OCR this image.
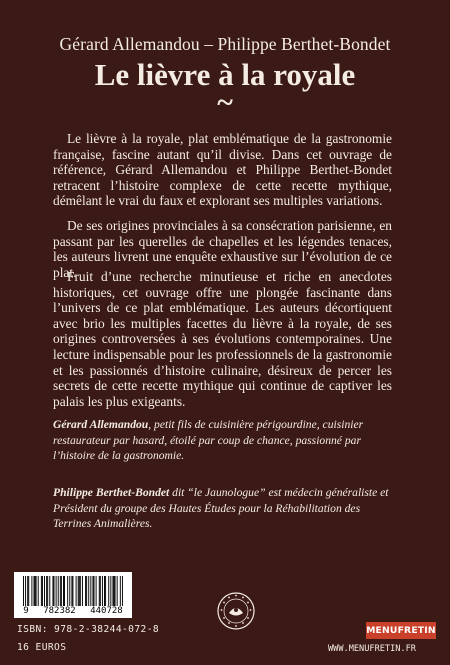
Gérard Allemandou – Philippe Berthet-Bondet
Le lièvre à la royale
~
Le lièvre à la royale, plat emblématique de la gastronomie française, fascine autant qu’il divise. Dans cet ouvrage de référence, Gérard Allemandou et Philippe Berthet-Bondet retracent l’histoire complexe de cette recette mythique, démêlant le vrai du faux et explorant ses multiples variations.
De ses origines provinciales à sa consécration parisienne, en passant par les querelles de chapelles et les légendes tenaces, les auteurs livrent une enquête exhaustive sur l’évolution de ce plat.
Fruit d’une recherche minutieuse et riche en anecdotes historiques, cet ouvrage offre une plongée fascinante dans l’univers de ce plat emblématique. Les auteurs décortiquent avec brio les multiples facettes du lièvre à la royale, de ses origines controversées à ses évolutions contemporaines. Une lecture indispensable pour les professionnels de la gastronomie et les passionnés d’histoire culinaire, désireux de percer les secrets de cette recette mythique qui continue de captiver les palais les plus exigeants.
Gérard Allemandou, petit fils de cuisinière périgourdine, cuisinier restaurateur par hasard, étoilé par coup de chance, passionné par l’histoire de la gastronomie.
Philippe Berthet-Bondet dit “le Jaunologue” est médecin généraliste et Président du groupe des Hautes Études pour la Réhabilitation des Terrines Animalières.
9 782382 440728
ISBN: 978-2-38244-072-8
16 EUROS
MENUFRETIN
WWW.MENUFRETIN.FR
